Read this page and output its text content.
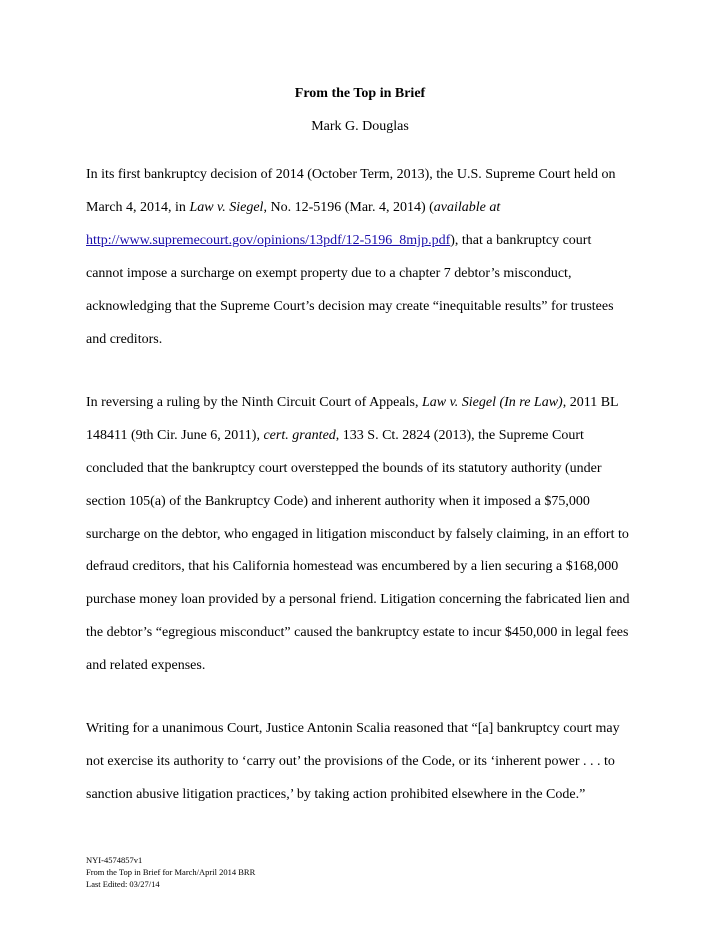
From the Top in Brief
Mark G. Douglas
In its first bankruptcy decision of 2014 (October Term, 2013), the U.S. Supreme Court held on
March 4, 2014, in Law v. Siegel, No. 12-5196 (Mar. 4, 2014) (available at
http://www.supremecourt.gov/opinions/13pdf/12-5196_8mjp.pdf), that a bankruptcy court
cannot impose a surcharge on exempt property due to a chapter 7 debtor’s misconduct,
acknowledging that the Supreme Court’s decision may create “inequitable results” for trustees
and creditors.
In reversing a ruling by the Ninth Circuit Court of Appeals, Law v. Siegel (In re Law), 2011 BL
148411 (9th Cir. June 6, 2011), cert. granted, 133 S. Ct. 2824 (2013), the Supreme Court
concluded that the bankruptcy court overstepped the bounds of its statutory authority (under
section 105(a) of the Bankruptcy Code) and inherent authority when it imposed a $75,000
surcharge on the debtor, who engaged in litigation misconduct by falsely claiming, in an effort to
defraud creditors, that his California homestead was encumbered by a lien securing a $168,000
purchase money loan provided by a personal friend. Litigation concerning the fabricated lien and
the debtor’s “egregious misconduct” caused the bankruptcy estate to incur $450,000 in legal fees
and related expenses.
Writing for a unanimous Court, Justice Antonin Scalia reasoned that “[a] bankruptcy court may
not exercise its authority to ‘carry out’ the provisions of the Code, or its ‘inherent power . . . to
sanction abusive litigation practices,’ by taking action prohibited elsewhere in the Code.”
NYI-4574857v1
From the Top in Brief for March/April 2014 BRR
Last Edited: 03/27/14
